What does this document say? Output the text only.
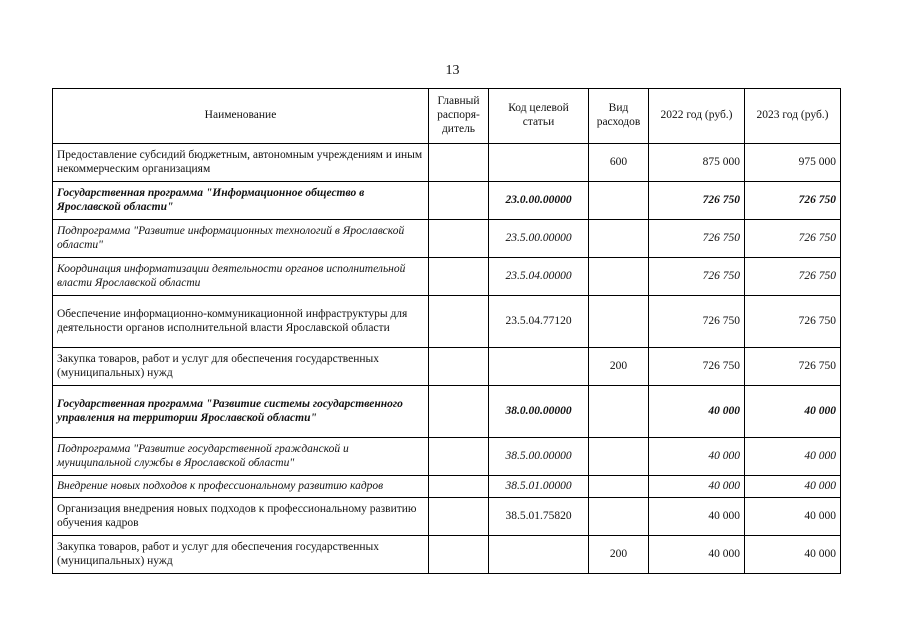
13
Наименование	Главный распоря-дитель	Код целевой статьи	Вид расходов	2022 год (руб.)	2023 год (руб.)
Предоставление субсидий бюджетным, автономным учреждениям и иным некоммерческим организациям			600	875 000	975 000
Государственная программа "Информационное общество в Ярославской области"		23.0.00.00000		726 750	726 750
Подпрограмма "Развитие информационных технологий в Ярославской области"		23.5.00.00000		726 750	726 750
Координация информатизации деятельности органов исполнительной власти Ярославской области		23.5.04.00000		726 750	726 750
Обеспечение информационно-коммуникационной инфраструктуры для деятельности органов исполнительной власти Ярославской области		23.5.04.77120		726 750	726 750
Закупка товаров, работ и услуг для обеспечения государственных (муниципальных) нужд			200	726 750	726 750
Государственная программа "Развитие системы государственного управления на территории Ярославской области"		38.0.00.00000		40 000	40 000
Подпрограмма "Развитие государственной гражданской и муниципальной службы в Ярославской области"		38.5.00.00000		40 000	40 000
Внедрение новых подходов к профессиональному развитию кадров		38.5.01.00000		40 000	40 000
Организация внедрения новых подходов к профессиональному развитию обучения кадров		38.5.01.75820		40 000	40 000
Закупка товаров, работ и услуг для обеспечения государственных (муниципальных) нужд			200	40 000	40 000
